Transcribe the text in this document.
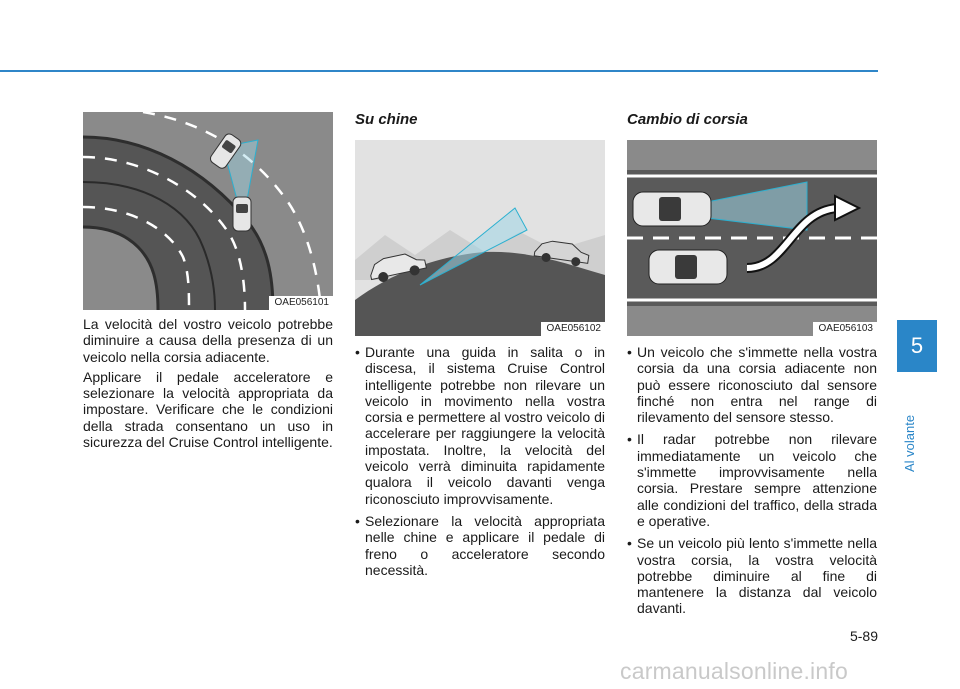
OAE056101

La velocità del vostro veicolo potrebbe diminuire a causa della presenza di un veicolo nella corsia adiacente.

Applicare il pedale acceleratore e selezionare la velocità appropriata da impostare. Verificare che le condizioni della strada consentano un uso in sicurezza del Cruise Control intelligente.

Su chine
OAE056102
• Durante una guida in salita o in discesa, il sistema Cruise Control intelligente potrebbe non rilevare un veicolo in movimento nella vostra corsia e permettere al vostro veicolo di accelerare per raggiungere la velocità impostata. Inoltre, la velocità del veicolo verrà diminuita rapidamente qualora il veicolo davanti venga riconosciuto improvvisamente.
• Selezionare la velocità appropriata nelle chine e applicare il pedale di freno o acceleratore secondo necessità.
Cambio di corsia
OAE056103
• Un veicolo che s'immette nella vostra corsia da una corsia adiacente non può essere riconosciuto dal sensore finché non entra nel range di rilevamento del sensore stesso.
• Il radar potrebbe non rilevare immediatamente un veicolo che s'immette improvvisamente nella corsia. Prestare sempre attenzione alle condizioni del traffico, della strada e operative.
• Se un veicolo più lento s'immette nella vostra corsia, la vostra velocità potrebbe diminuire al fine di mantenere la distanza dal veicolo davanti.
5
Al volante
5-89
carmanualsonline.info
